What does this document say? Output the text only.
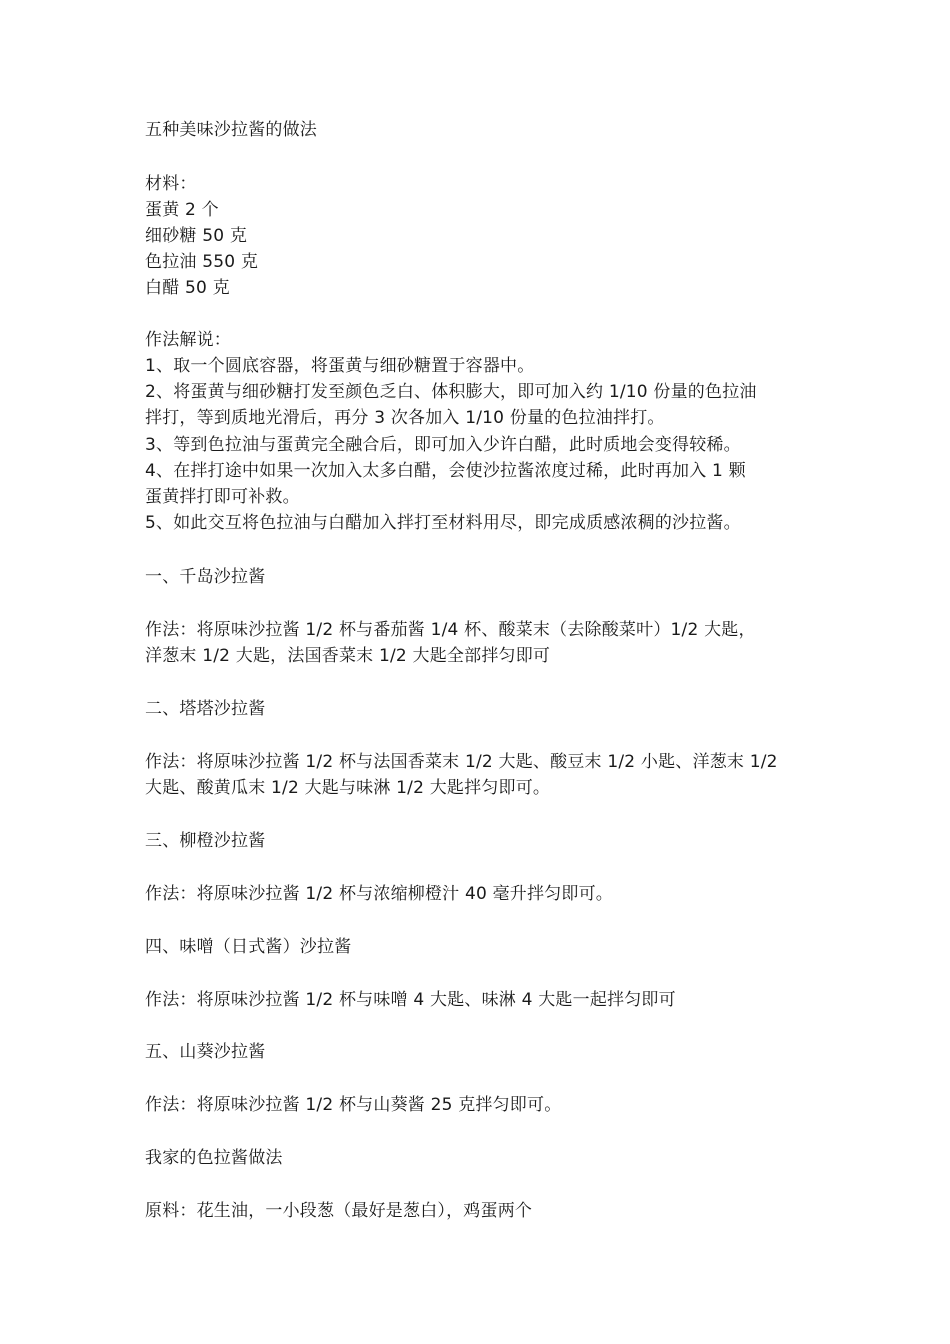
五种美味沙拉酱的做法
材料：
蛋黄 2 个
细砂糖 50 克
色拉油 550 克
白醋 50 克
作法解说：
1、取一个圆底容器，将蛋黄与细砂糖置于容器中。
2、将蛋黄与细砂糖打发至颜色乏白、体积膨大，即可加入约 1/10 份量的色拉油
拌打，等到质地光滑后，再分 3 次各加入 1/10 份量的色拉油拌打。
3、等到色拉油与蛋黄完全融合后，即可加入少许白醋，此时质地会变得较稀。
4、在拌打途中如果一次加入太多白醋，会使沙拉酱浓度过稀，此时再加入 1 颗
蛋黄拌打即可补救。
5、如此交互将色拉油与白醋加入拌打至材料用尽，即完成质感浓稠的沙拉酱。
一、千岛沙拉酱
作法：将原味沙拉酱 1/2 杯与番茄酱 1/4 杯、酸菜末（去除酸菜叶）1/2 大匙，
洋葱末 1/2 大匙，法国香菜末 1/2 大匙全部拌匀即可
二、塔塔沙拉酱
作法：将原味沙拉酱 1/2 杯与法国香菜末 1/2 大匙、酸豆末 1/2 小匙、洋葱末 1/2
大匙、酸黄瓜末 1/2 大匙与味淋 1/2 大匙拌匀即可。
三、柳橙沙拉酱
作法：将原味沙拉酱 1/2 杯与浓缩柳橙汁 40 毫升拌匀即可。
四、味噌（日式酱）沙拉酱
作法：将原味沙拉酱 1/2 杯与味噌 4 大匙、味淋 4 大匙一起拌匀即可
五、山葵沙拉酱
作法：将原味沙拉酱 1/2 杯与山葵酱 25 克拌匀即可。
我家的色拉酱做法
原料：花生油，一小段葱（最好是葱白），鸡蛋两个
